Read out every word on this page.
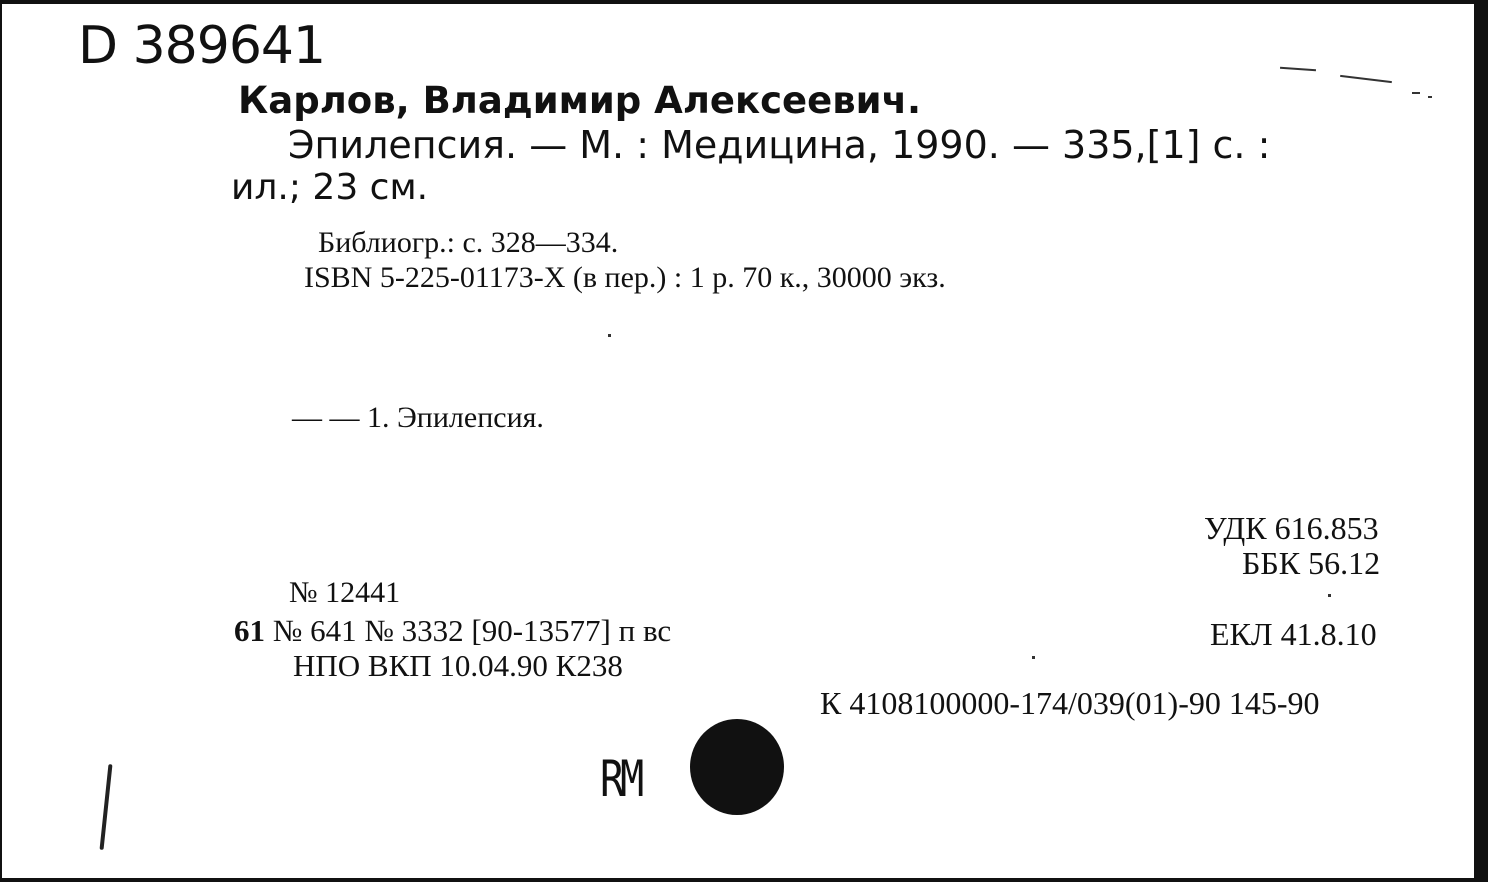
D 389641
Карлов, Владимир Алексеевич.
Эпилепсия. — М. : Медицина, 1990. — 335,[1] с. :
ил.; 23 см.
Библиогр.: с. 328—334.
ISBN 5-225-01173-X (в пер.) : 1 р. 70 к., 30000 экз.
— — 1. Эпилепсия.
УДК 616.853
ББК 56.12
№ 12441
61 № 641 № 3332 [90-13577] п вс	ЕКЛ 41.8.10
НПО ВКП 10.04.90 К238
К 4108100000-174/039(01)-90 145-90
RM
